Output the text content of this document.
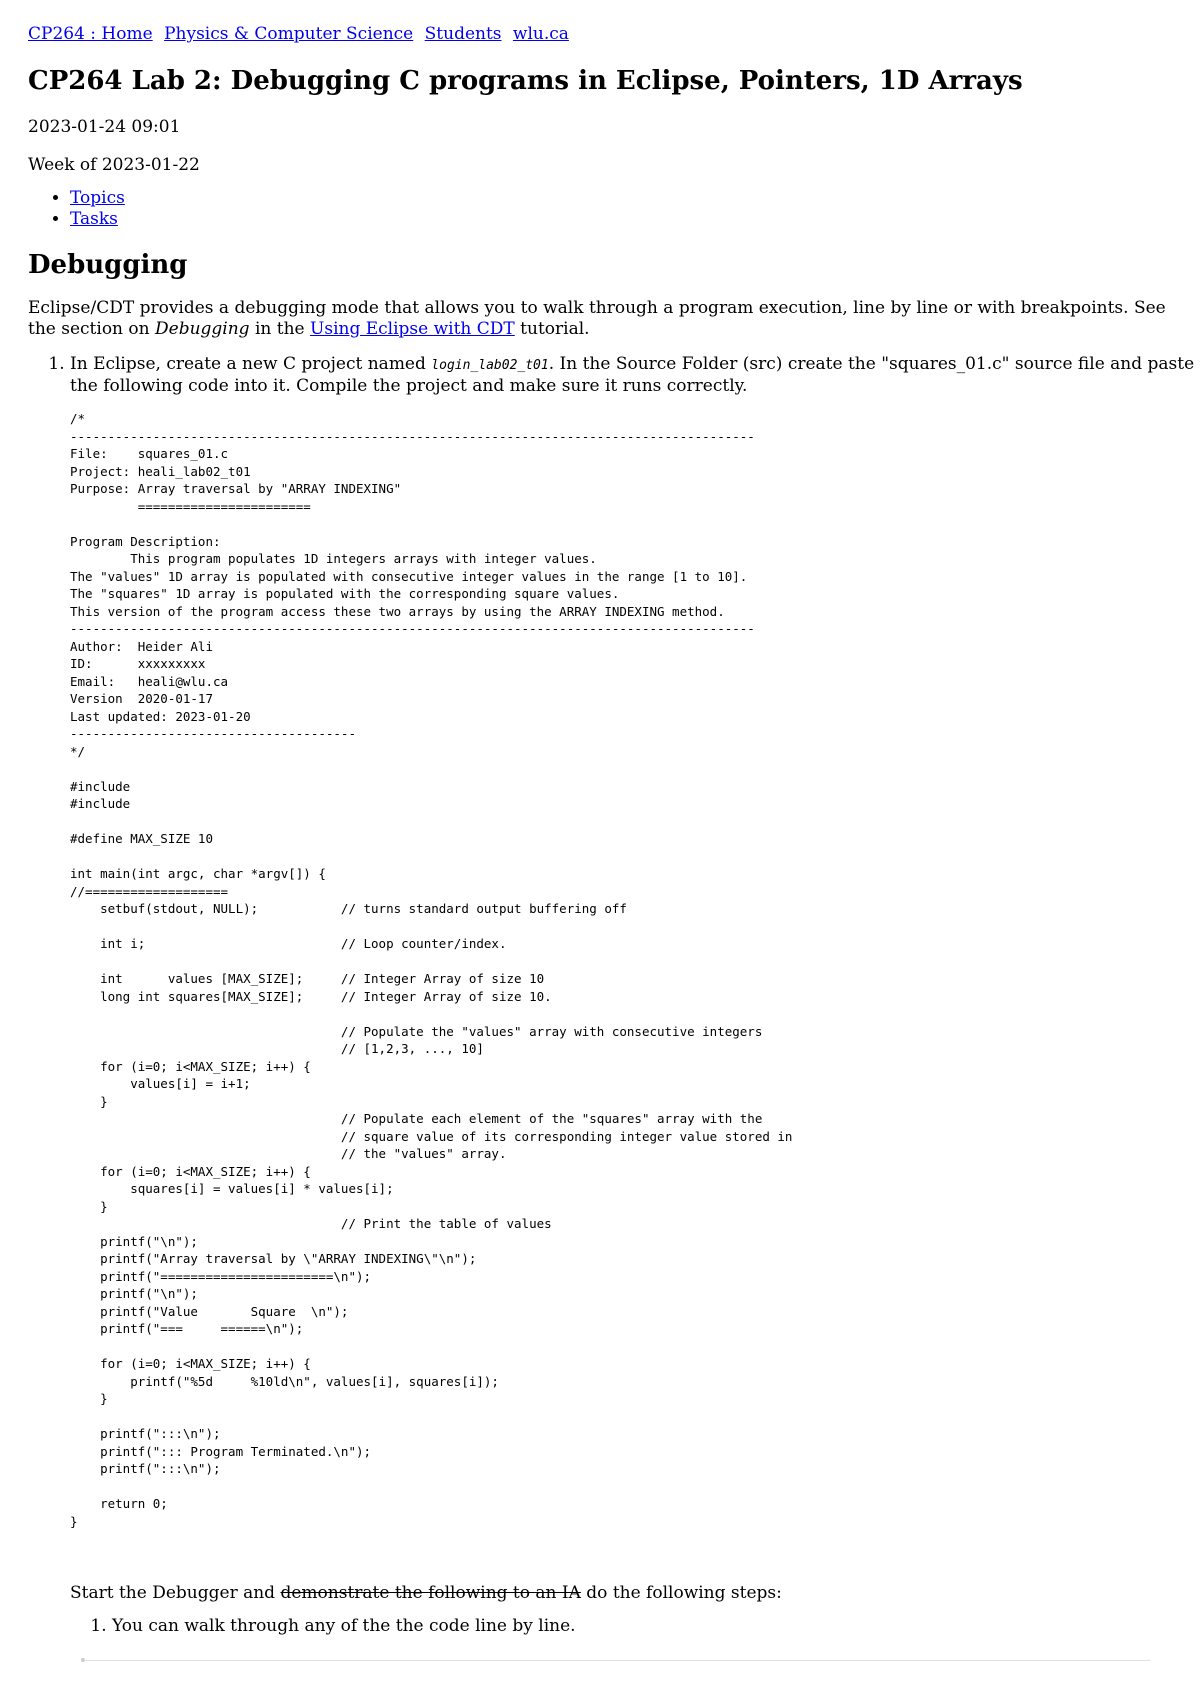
CP264 : Home Physics & Computer Science Students wlu.ca
CP264 Lab 2: Debugging C programs in Eclipse, Pointers, 1D Arrays
2023-01-24 09:01
Week of 2023-01-22
• Topics
• Tasks
Debugging

Eclipse/CDT provides a debugging mode that allows you to walk through a program execution, line by line or with breakpoints. See the section on Debugging in the Using Eclipse with CDT tutorial.

1. In Eclipse, create a new C project named login_lab02_t01. In the Source Folder (src) create the "squares_01.c" source file and paste the following code into it. Compile the project and make sure it runs correctly.
/*
-------------------------------------------------------------------------------------------
File:    squares_01.c
Project: heali_lab02_t01
Purpose: Array traversal by "ARRAY INDEXING"
=======================

Program Description:
This program populates 1D integers arrays with integer values.
The "values" 1D array is populated with consecutive integer values in the range [1 to 10].
The "squares" 1D array is populated with the corresponding square values.
This version of the program access these two arrays by using the ARRAY INDEXING method.
-------------------------------------------------------------------------------------------
Author:  Heider Ali
ID:      xxxxxxxxx
Email:   heali@wlu.ca
Version  2020-01-17
Last updated: 2023-01-20
--------------------------------------
*/

#include
#include

#define MAX_SIZE 10

int main(int argc, char *argv[]) {
//===================
setbuf(stdout, NULL);           // turns standard output buffering off

int i;                          // Loop counter/index.

int      values [MAX_SIZE];     // Integer Array of size 10
long int squares[MAX_SIZE];     // Integer Array of size 10.

// Populate the "values" array with consecutive integers
// [1,2,3, ..., 10]
for (i=0; i<MAX_SIZE; i++) {
values[i] = i+1;
}
// Populate each element of the "squares" array with the
// square value of its corresponding integer value stored in
// the "values" array.
for (i=0; i<MAX_SIZE; i++) {
squares[i] = values[i] * values[i];
}
// Print the table of values
printf("\n");
printf("Array traversal by \"ARRAY INDEXING\"\n");
printf("=======================\n");
printf("\n");
printf("Value       Square  \n");
printf("===     ======\n");

for (i=0; i<MAX_SIZE; i++) {
printf("%5d     %10ld\n", values[i], squares[i]);
}

printf(":::\n");
printf("::: Program Terminated.\n");
printf(":::\n");

return 0;
}
Start the Debugger and demonstrate the following to an IA do the following steps:
1. You can walk through any of the the code line by line.
